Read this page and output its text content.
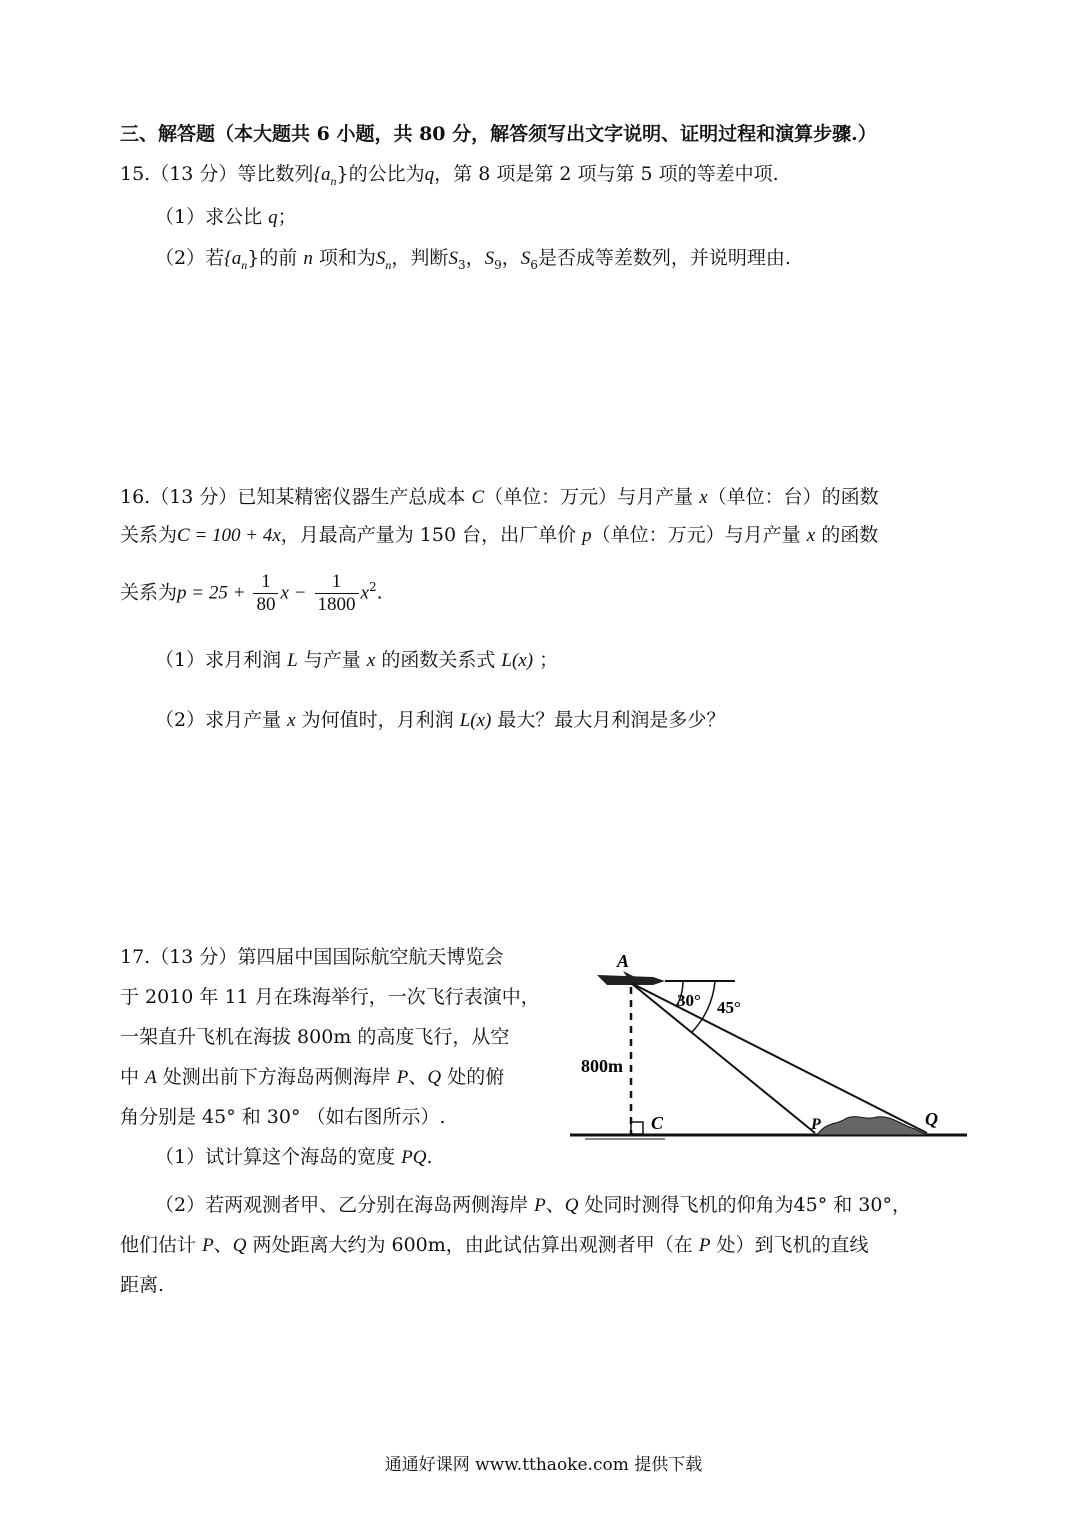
三、解答题（本大题共 6 小题，共 80 分，解答须写出文字说明、证明过程和演算步骤.）
15.（13 分）等比数列$\{a_n\}$的公比为q，第 8 项是第 2 项与第 5 项的等差中项.
（1）求公比 q；
（2）若$\{a_n\}$的前 n 项和为$S_n$，判断$S_3$，$S_9$，$S_6$是否成等差数列，并说明理由.
16.（13 分）已知某精密仪器生产总成本 C（单位：万元）与月产量 x（单位：台）的函数
关系为C = 100 + 4x，月最高产量为 150 台，出厂单价 p（单位：万元）与月产量 x 的函数
关系为$p = 25 + \frac{1}{80}$ $x - \frac{1}{1800} x^2$.
（1）求月利润 L 与产量 x 的函数关系式 L(x) ；
（2）求月产量 x 为何值时，月利润 L(x) 最大？最大月利润是多少？
17.（13 分）第四届中国国际航空航天博览会
于 2010 年 11 月在珠海举行，一次飞行表演中，
一架直升飞机在海拔 800m 的高度飞行，从空
中 A 处测出前下方海岛两侧海岸 P、Q 处的俯
角分别是 45° 和 30° （如右图所示）.
（1）试计算这个海岛的宽度 PQ.
（2）若两观测者甲、乙分别在海岛两侧海岸 P、Q 处同时测得飞机的仰角为45° 和 30°，
他们估计 P、Q 两处距离大约为 600m，由此试估算出观测者甲（在 P 处）到飞机的直线
距离.
A
C	P	Q
30° 45°
800m
通通好课网 www.tthaoke.com 提供下载
